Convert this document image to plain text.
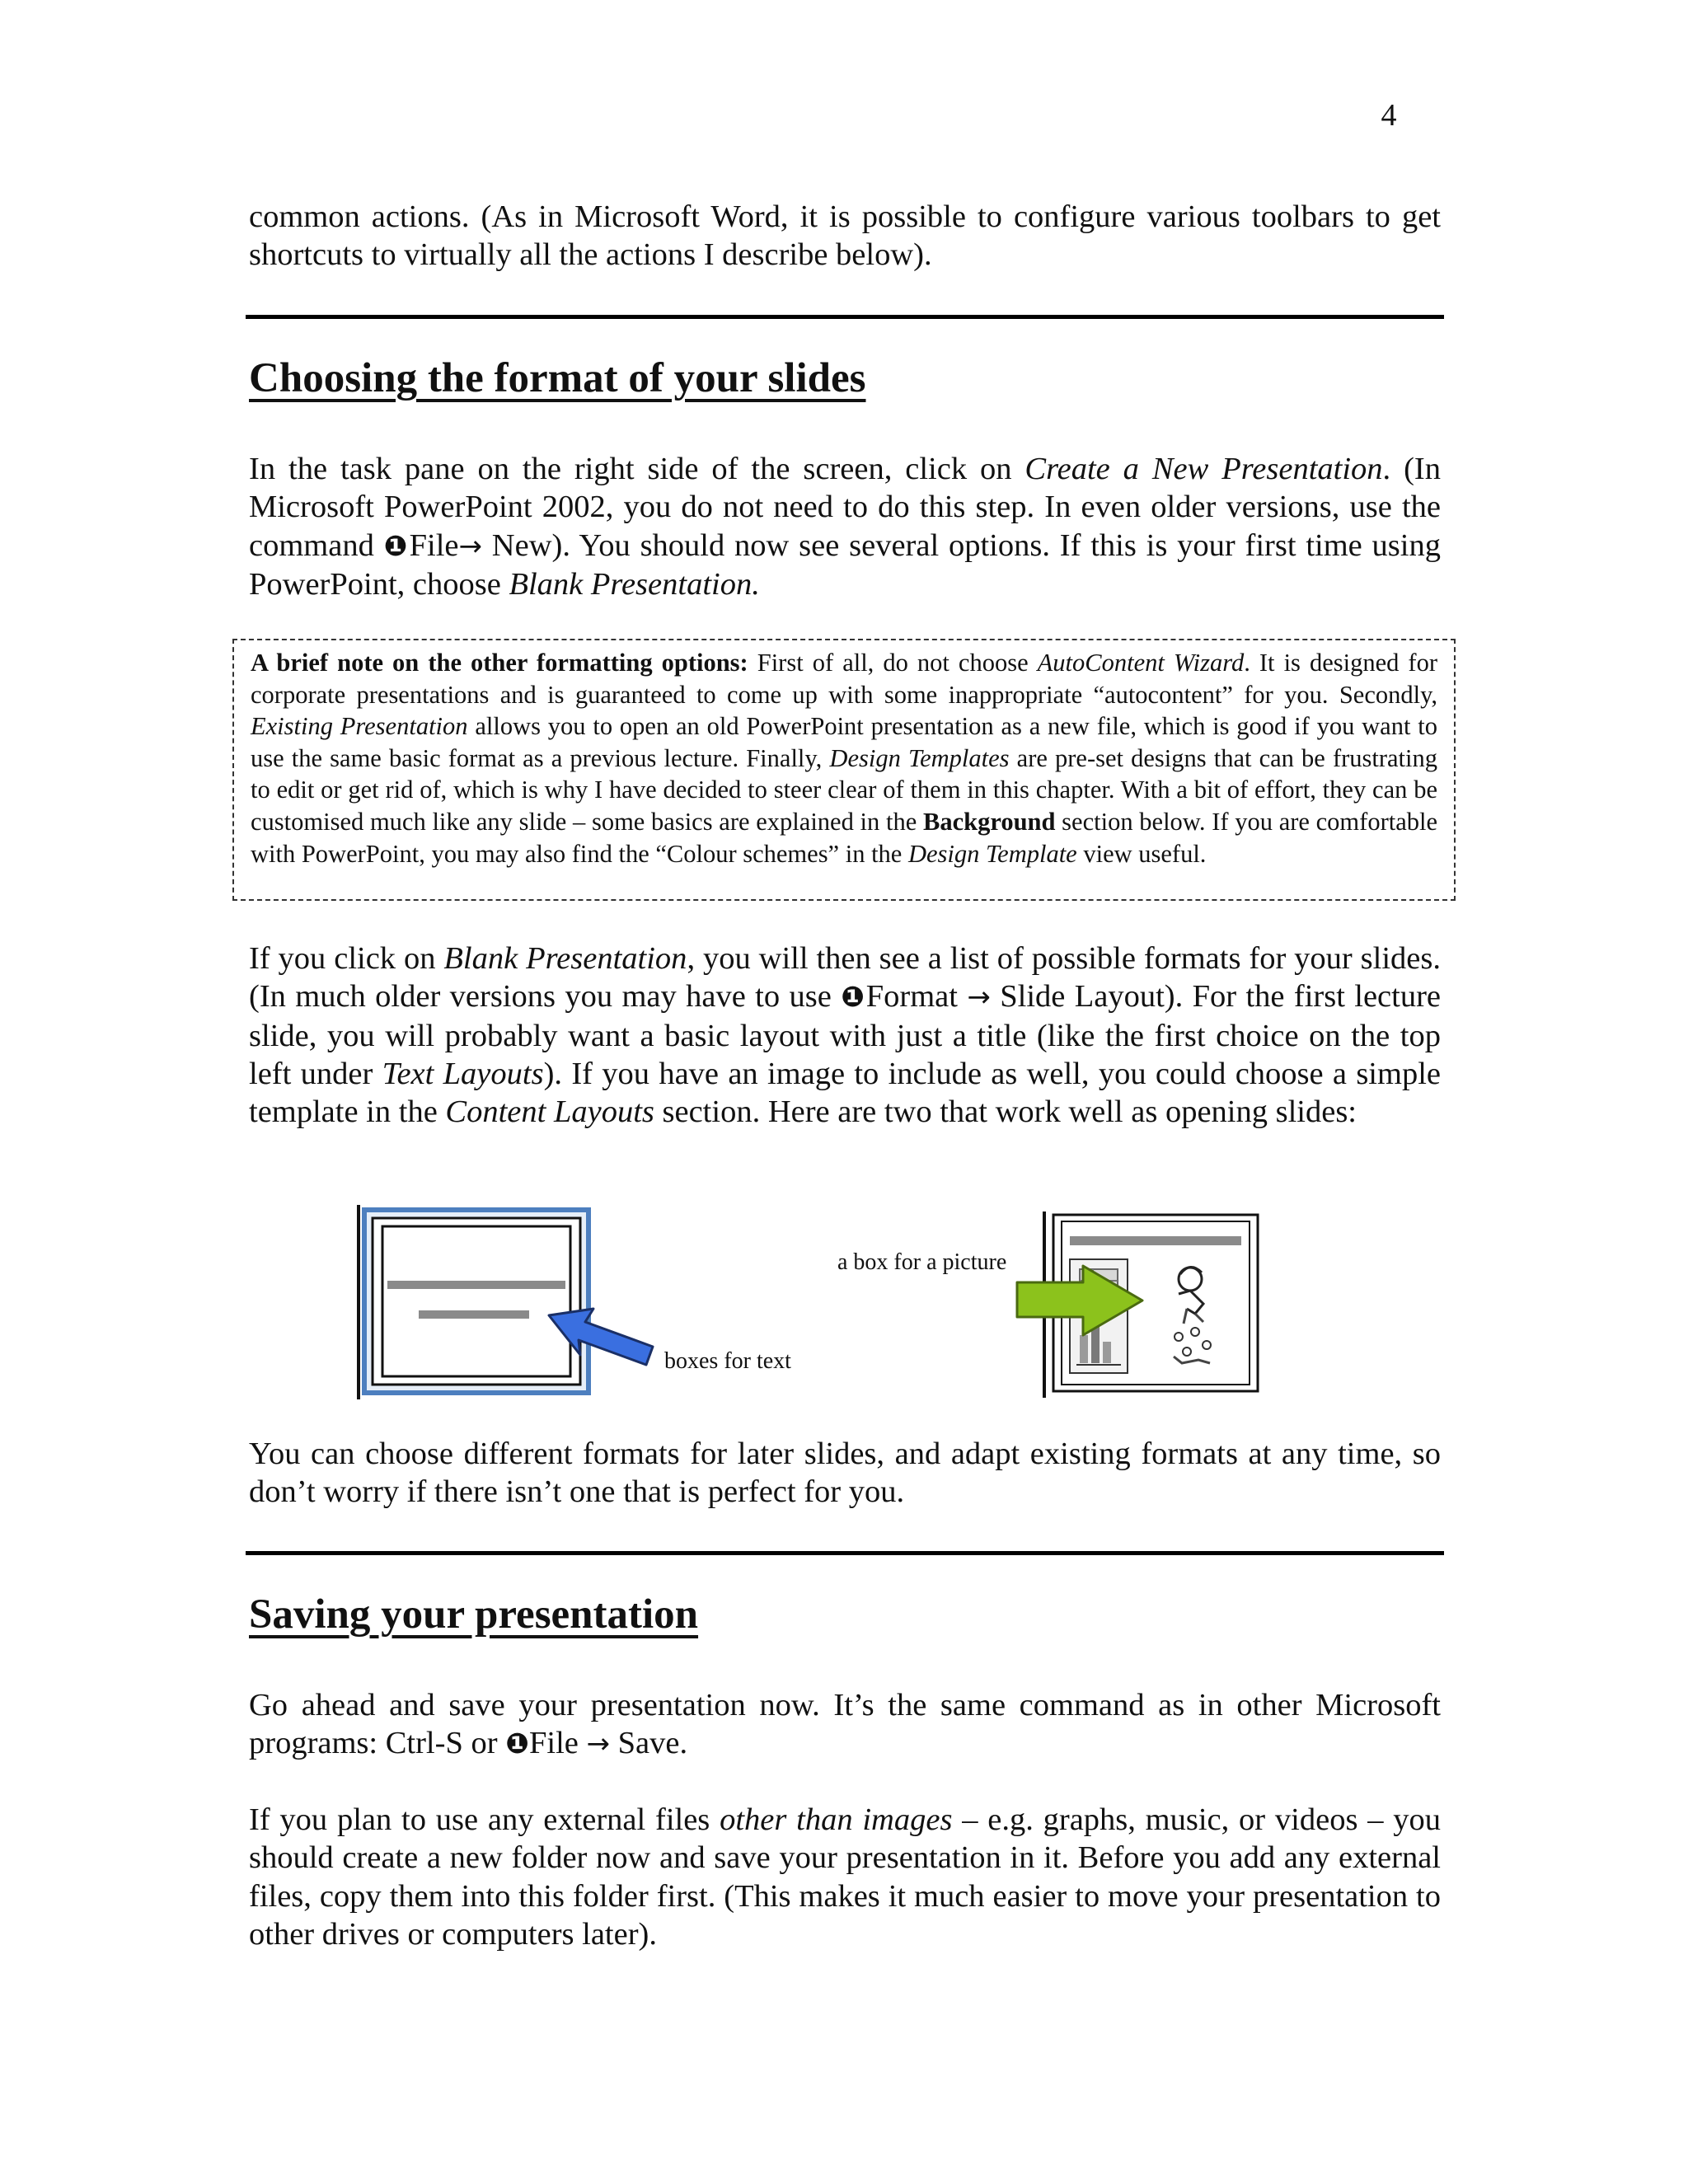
4

common actions. (As in Microsoft Word, it is possible to configure various toolbars to get shortcuts to virtually all the actions I describe below).

Choosing the format of your slides

In the task pane on the right side of the screen, click on Create a New Presentation. (In Microsoft PowerPoint 2002, you do not need to do this step. In even older versions, use the command ❶File→ New). You should now see several options. If this is your first time using PowerPoint, choose Blank Presentation.

A brief note on the other formatting options: First of all, do not choose AutoContent Wizard. It is designed for corporate presentations and is guaranteed to come up with some inappropriate “autocontent” for you. Secondly, Existing Presentation allows you to open an old PowerPoint presentation as a new file, which is good if you want to use the same basic format as a previous lecture. Finally, Design Templates are pre-set designs that can be frustrating to edit or get rid of, which is why I have decided to steer clear of them in this chapter. With a bit of effort, they can be customised much like any slide – some basics are explained in the Background section below. If you are comfortable with PowerPoint, you may also find the “Colour schemes” in the Design Template view useful.

If you click on Blank Presentation, you will then see a list of possible formats for your slides. (In much older versions you may have to use ❶Format → Slide Layout). For the first lecture slide, you will probably want a basic layout with just a title (like the first choice on the top left under Text Layouts). If you have an image to include as well, you could choose a simple template in the Content Layouts section. Here are two that work well as opening slides:

boxes for text
a box for a picture

You can choose different formats for later slides, and adapt existing formats at any time, so don’t worry if there isn’t one that is perfect for you.

Saving your presentation

Go ahead and save your presentation now. It’s the same command as in other Microsoft programs: Ctrl-S or ❶File → Save.

If you plan to use any external files other than images – e.g. graphs, music, or videos – you should create a new folder now and save your presentation in it. Before you add any external files, copy them into this folder first. (This makes it much easier to move your presentation to other drives or computers later).
